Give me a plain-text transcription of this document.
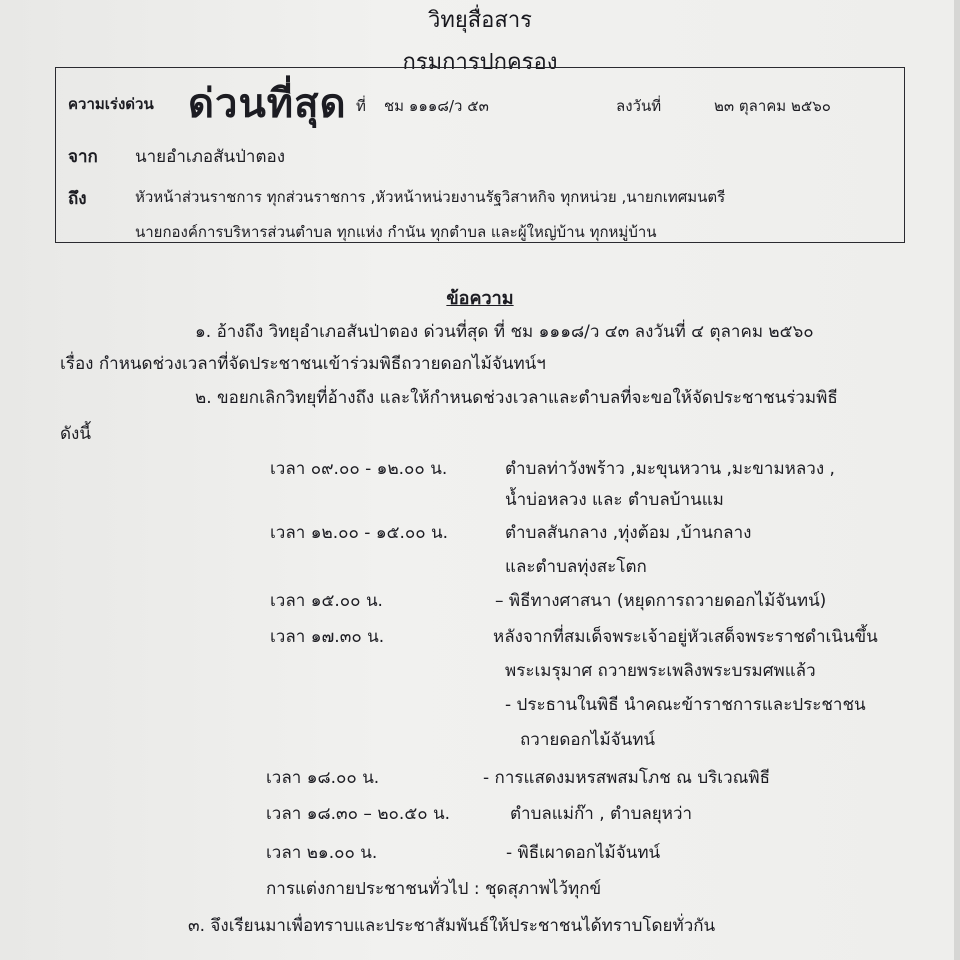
วิทยุสื่อสาร
กรมการปกครอง
ความเร่งด่วน ด่วนที่สุด ที่ ชม ๑๑๑๘/ว ๕๓	ลงวันที่	๒๓ ตุลาคม ๒๕๖๐
จาก นายอำเภอสันป่าตอง
ถึง	หัวหน้าส่วนราชการ ทุกส่วนราชการ ,หัวหน้าหน่วยงานรัฐวิสาหกิจ ทุกหน่วย ,นายกเทศมนตรี
นายกองค์การบริหารส่วนตำบล ทุกแห่ง กำนัน ทุกตำบล และผู้ใหญ่บ้าน ทุกหมู่บ้าน
ข้อความ
๑. อ้างถึง วิทยุอำเภอสันป่าตอง ด่วนที่สุด ที่ ชม ๑๑๑๘/ว ๔๓ ลงวันที่ ๔ ตุลาคม ๒๕๖๐
เรื่อง กำหนดช่วงเวลาที่จัดประชาชนเข้าร่วมพิธีถวายดอกไม้จันทน์ฯ
๒. ขอยกเลิกวิทยุที่อ้างถึง และให้กำหนดช่วงเวลาและตำบลที่จะขอให้จัดประชาชนร่วมพิธี
ดังนี้
เวลา ๐๙.๐๐ - ๑๒.๐๐ น.	ตำบลท่าวังพร้าว ,มะขุนหวาน ,มะขามหลวง ,
น้ำบ่อหลวง และ ตำบลบ้านแม
เวลา ๑๒.๐๐ - ๑๕.๐๐ น.	ตำบลสันกลาง ,ทุ่งต้อม ,บ้านกลาง
และตำบลทุ่งสะโตก
เวลา ๑๕.๐๐ น.	– พิธีทางศาสนา (หยุดการถวายดอกไม้จันทน์)
เวลา ๑๗.๓๐ น.	หลังจากที่สมเด็จพระเจ้าอยู่หัวเสด็จพระราชดำเนินขึ้น
พระเมรุมาศ ถวายพระเพลิงพระบรมศพแล้ว
- ประธานในพิธี นำคณะข้าราชการและประชาชน
ถวายดอกไม้จันทน์
เวลา ๑๘.๐๐ น.	- การแสดงมหรสพสมโภช ณ บริเวณพิธี
เวลา ๑๘.๓๐ – ๒๐.๕๐ น.	ตำบลแม่ก๊า , ตำบลยุหว่า
เวลา ๒๑.๐๐ น.	- พิธีเผาดอกไม้จันทน์
การแต่งกายประชาชนทั่วไป : ชุดสุภาพไว้ทุกข์
๓. จึงเรียนมาเพื่อทราบและประชาสัมพันธ์ให้ประชาชนได้ทราบโดยทั่วกัน
